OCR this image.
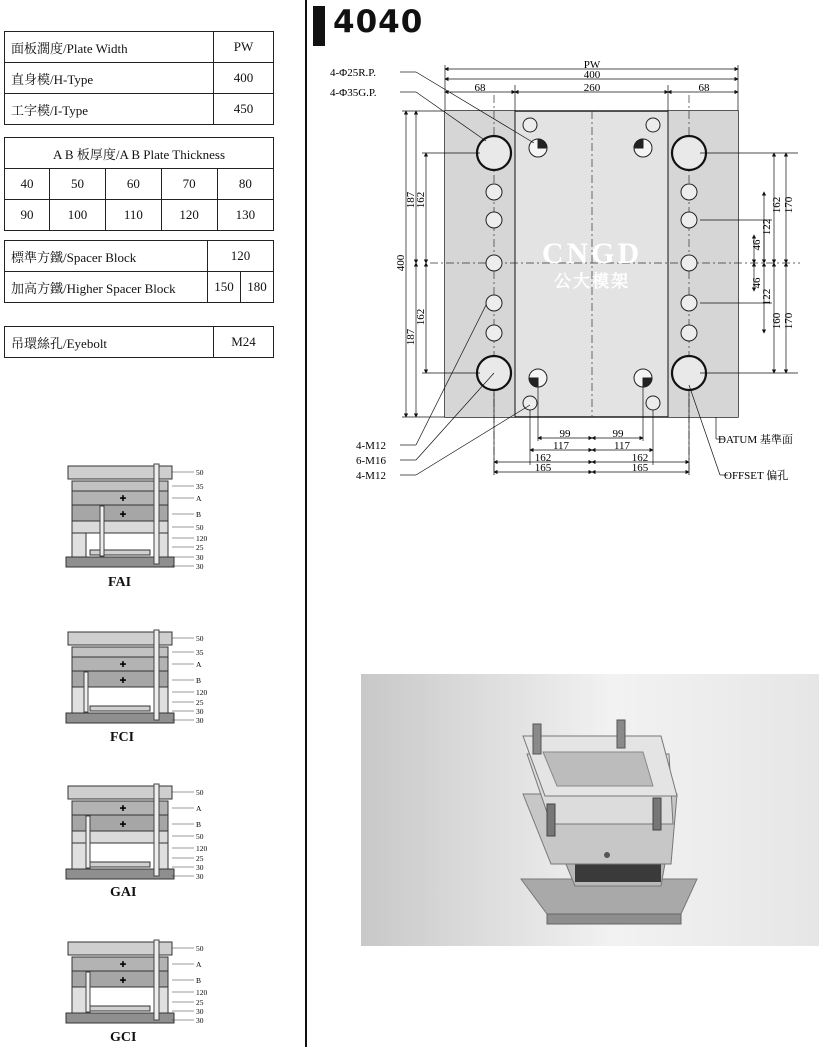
面板濶度/Plate Width	PW
直身模/H-Type	400
工字模/I-Type	450
A B 板厚度/A B Plate Thickness				
40	50	60	70	80
90	100	110	120	130
標準方鐵/Spacer Block	120	
加高方鐵/Higher Spacer Block	150	180
吊環絲孔/Eyebolt	M24
✚
✚
50
35
A
B
50
120
25
30
30
FAI
✚
✚
50
35
A
B
120
25
30
30
FCI
✚
✚
50
A
B
50
120
25
30
30
GAI
✚
✚
50
A
B
120
25
30
30
GCI
4040
CNGD
公大模架
PW
400
68	260	68
400
187
162
162
187
162 170
122
46
46
122
160 170
99
117
99
117
162
165
162
165
4-Φ25R.P.
4-Φ35G.P.
4-M12
6-M16
4-M12
DATUM 基準面
OFFSET 偏孔
